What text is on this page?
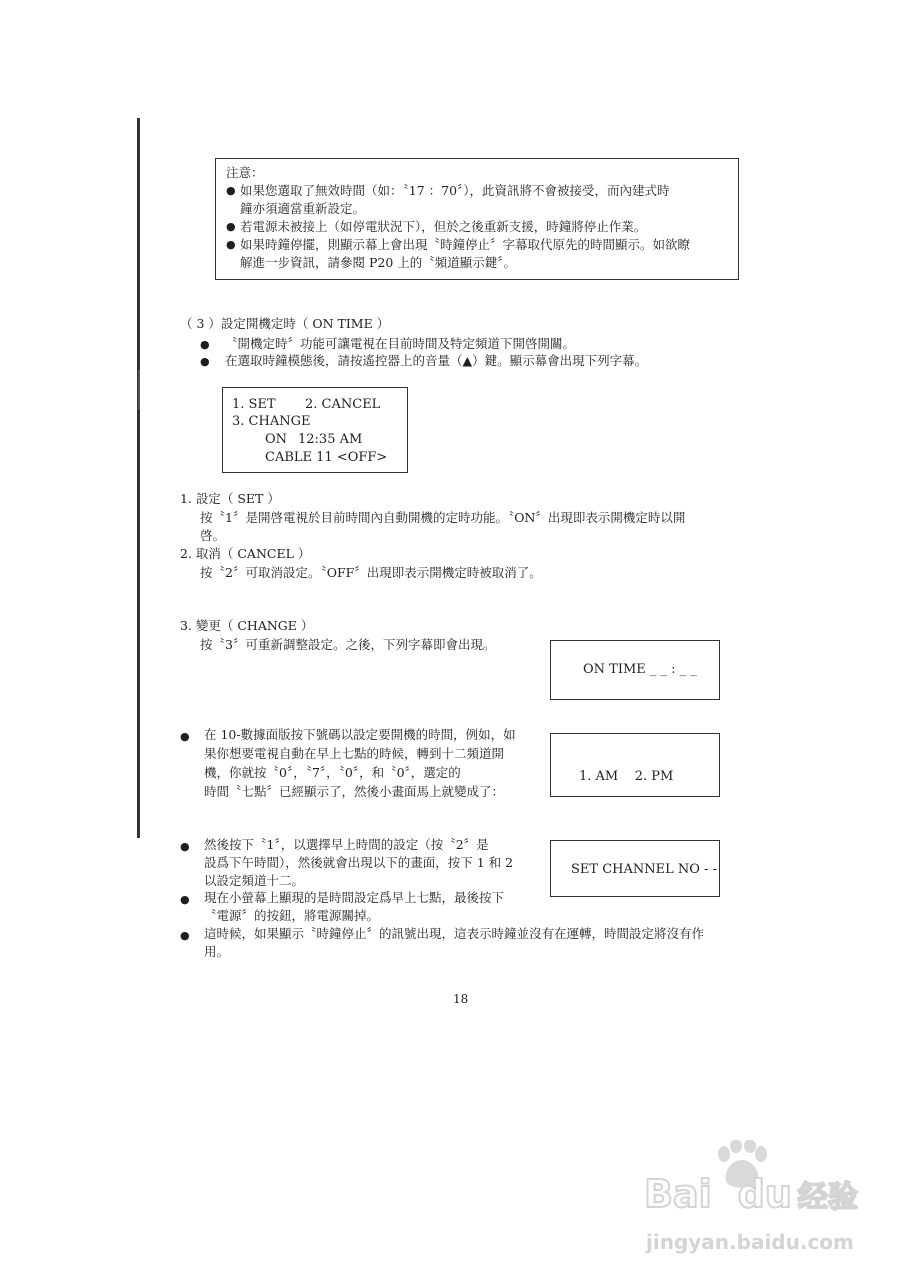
注意：
● 如果您選取了無效時間（如：〝17 ：70〞），此資訊將不會被接受，而內建式時
鐘亦須適當重新設定。
● 若電源未被接上（如停電狀況下），但於之後重新支援，時鐘將停止作業。
● 如果時鐘停擺，則顯示幕上會出現〝時鐘停止〞字幕取代原先的時間顯示。如欲瞭
解進一步資訊，請參閱 P20 上的〝頻道顯示鍵〞。
（ 3 ）設定開機定時（ ON TIME ）
● 〝開機定時〞功能可讓電視在目前時間及特定頻道下開啓開關。
● 在選取時鐘模態後，請按遙控器上的音量（▲）鍵。顯示幕會出現下列字幕。
1. SET 2. CANCEL
3. CHANGE
ON 12:35 AM
CABLE 11 <OFF>
1. 設定（ SET ）
按〝1〞是開啓電視於目前時間內自動開機的定時功能。〝ON〞出現即表示開機定時以開
啓。
2. 取消（ CANCEL ）
按〝2〞可取消設定。〝OFF〞出現即表示開機定時被取消了。
3. 變更（ CHANGE ）
按〝3〞可重新調整設定。之後，下列字幕即會出現。
ON TIME _ _ : _ _
● 在 10-數據面版按下號碼以設定要開機的時間，例如，如
果你想要電視自動在早上七點的時候，轉到十二頻道開
機，你就按〝0〞，〝7〞，〝0〞，和〝0〞，選定的
時間〝七點〞已經顯示了，然後小畫面馬上就變成了：
1. AM    2. PM
● 然後按下〝1〞，以選擇早上時間的設定（按〝2〞是
設爲下午時間），然後就會出現以下的畫面，按下 1 和 2
以設定頻道十二。
SET CHANNEL NO - -
● 現在小螢幕上顯現的是時間設定爲早上七點，最後按下
〝電源〞的按鈕，將電源關掉。
● 這時候，如果顯示〝時鐘停止〞的訊號出現，這表示時鐘並沒有在運轉，時間設定將沒有作
用。
18
Bai du 经验
jingyan.baidu.com
